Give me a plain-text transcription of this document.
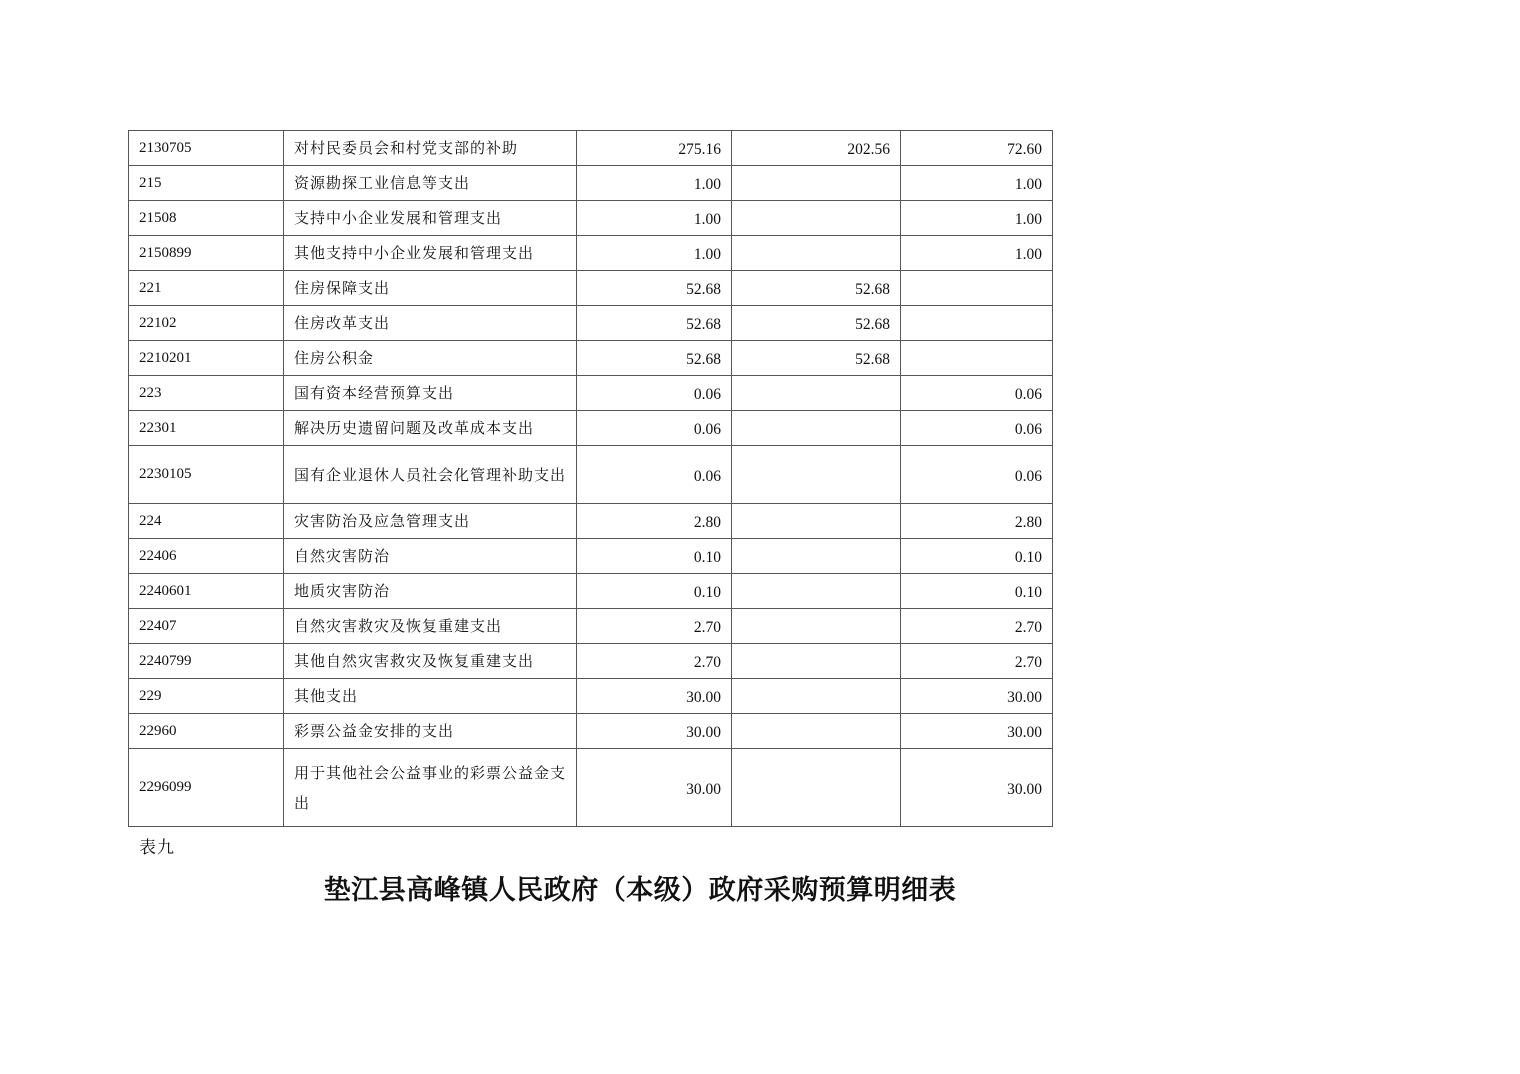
2130705	对村民委员会和村党支部的补助	275.16	202.56	72.60
215	资源勘探工业信息等支出	1.00		1.00
21508	支持中小企业发展和管理支出	1.00		1.00
2150899	其他支持中小企业发展和管理支出	1.00		1.00
221	住房保障支出	52.68	52.68	
22102	住房改革支出	52.68	52.68	
2210201	住房公积金	52.68	52.68	
223	国有资本经营预算支出	0.06		0.06
22301	解决历史遗留问题及改革成本支出	0.06		0.06
2230105	国有企业退休人员社会化管理补助支出	0.06		0.06
224	灾害防治及应急管理支出	2.80		2.80
22406	自然灾害防治	0.10		0.10
2240601	地质灾害防治	0.10		0.10
22407	自然灾害救灾及恢复重建支出	2.70		2.70
2240799	其他自然灾害救灾及恢复重建支出	2.70		2.70
229	其他支出	30.00		30.00
22960	彩票公益金安排的支出	30.00		30.00
2296099	用于其他社会公益事业的彩票公益金支出	30.00		30.00
表九
垫江县高峰镇人民政府（本级）政府采购预算明细表
